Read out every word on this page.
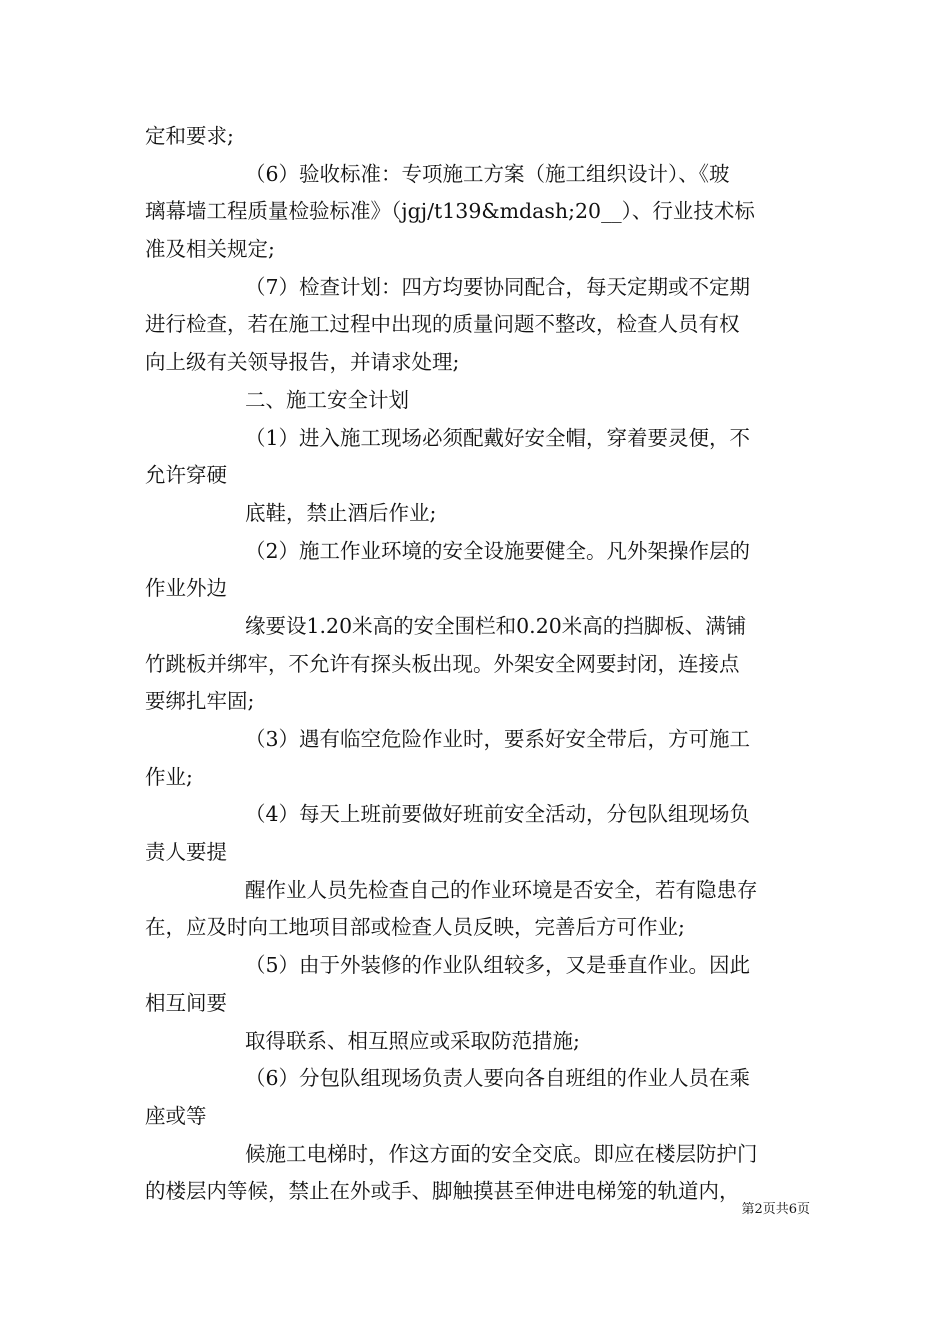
定和要求;
（6）验收标准：专项施工方案（施工组织设计）、《玻
璃幕墙工程质量检验标准》（jgj/t139&mdash;20__）、行业技术标
准及相关规定;
（7）检查计划：四方均要协同配合，每天定期或不定期
进行检查，若在施工过程中出现的质量问题不整改，检查人员有权
向上级有关领导报告，并请求处理;
二、施工安全计划
（1）进入施工现场必须配戴好安全帽，穿着要灵便，不
允许穿硬
底鞋，禁止酒后作业;
（2）施工作业环境的安全设施要健全。凡外架操作层的
作业外边
缘要设1.20米高的安全围栏和0.20米高的挡脚板、满铺
竹跳板并绑牢，不允许有探头板出现。外架安全网要封闭，连接点
要绑扎牢固;
（3）遇有临空危险作业时，要系好安全带后，方可施工
作业;
（4）每天上班前要做好班前安全活动，分包队组现场负
责人要提
醒作业人员先检查自己的作业环境是否安全，若有隐患存
在，应及时向工地项目部或检查人员反映，完善后方可作业;
（5）由于外装修的作业队组较多，又是垂直作业。因此
相互间要
取得联系、相互照应或采取防范措施;
（6）分包队组现场负责人要向各自班组的作业人员在乘
座或等
候施工电梯时，作这方面的安全交底。即应在楼层防护门
的楼层内等候，禁止在外或手、脚触摸甚至伸进电梯笼的轨道内，
第2页共6页
